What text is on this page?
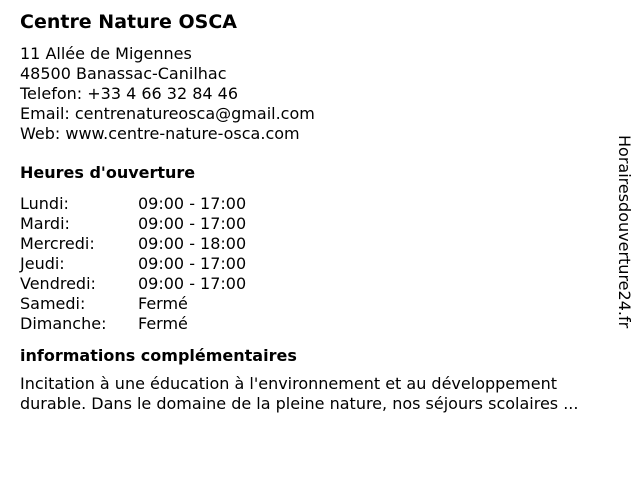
Centre Nature OSCA
11 Allée de Migennes
48500 Banassac-Canilhac
Telefon: +33 4 66 32 84 46
Email: centrenatureosca@gmail.com
Web: www.centre-nature-osca.com
Heures d'ouverture
Lundi:	09:00 - 17:00
Mardi:	09:00 - 17:00
Mercredi:	09:00 - 18:00
Jeudi:	09:00 - 17:00
Vendredi:	09:00 - 17:00
Samedi:	Fermé
Dimanche:	Fermé
informations complémentaires
Incitation à une éducation à l'environnement et au développement
durable. Dans le domaine de la pleine nature, nos séjours scolaires ...
Horairesdouverture24.fr
